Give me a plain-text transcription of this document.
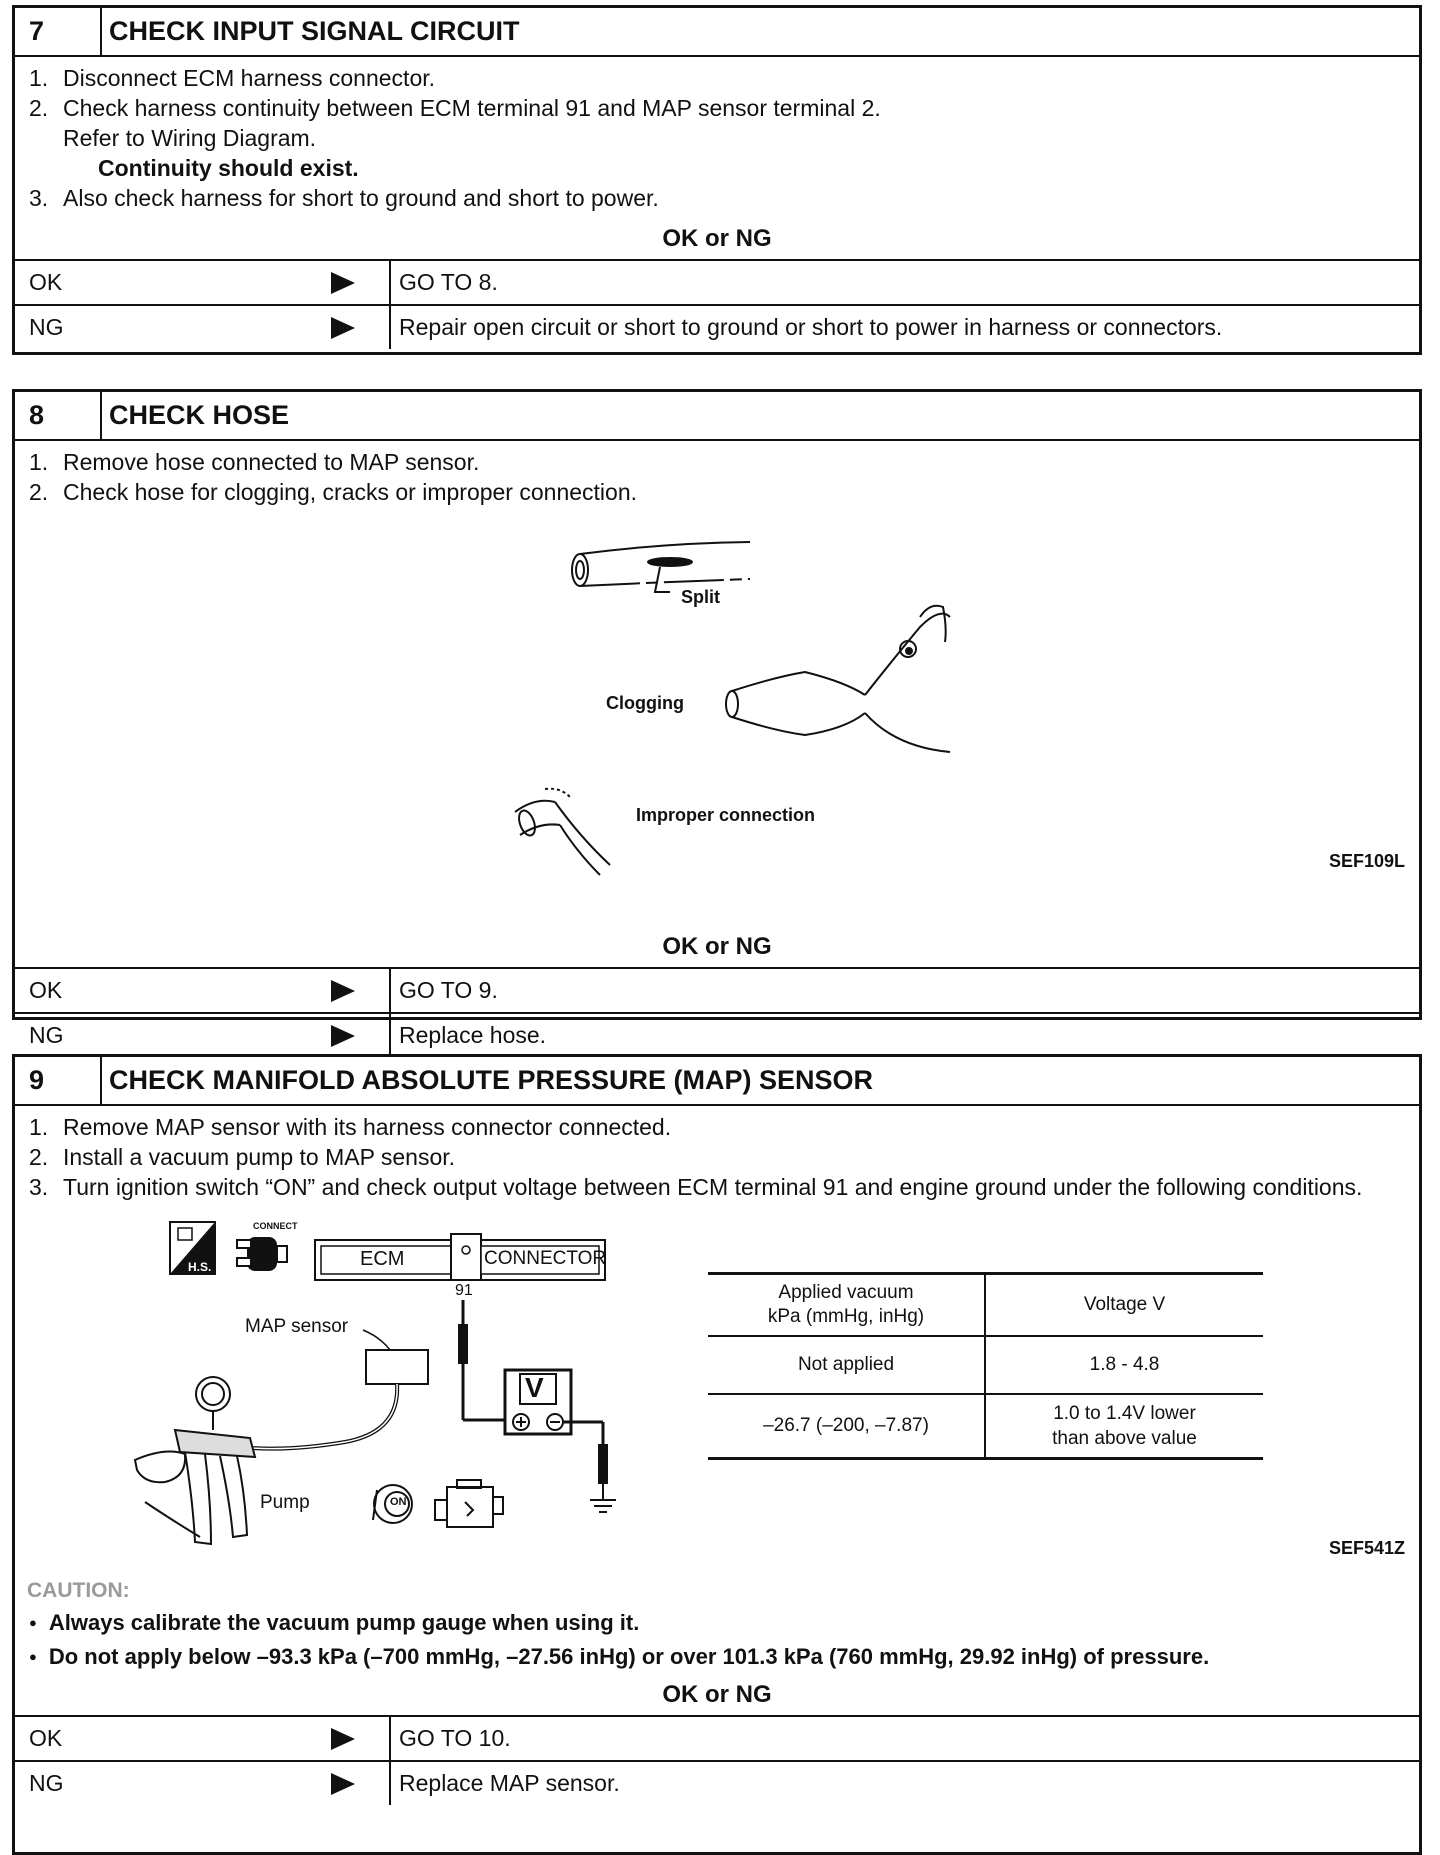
7	CHECK INPUT SIGNAL CIRCUIT
1. Disconnect ECM harness connector.
2. Check harness continuity between ECM terminal 91 and MAP sensor terminal 2.
Refer to Wiring Diagram.
Continuity should exist.
3. Also check harness for short to ground and short to power.
OK or NG
OK	GO TO 8.
NG	Repair open circuit or short to ground or short to power in harness or connectors.
8	CHECK HOSE
1. Remove hose connected to MAP sensor.
2. Check hose for clogging, cracks or improper connection.
Split
Clogging
Improper connection
SEF109L
OK or NG
OK	GO TO 9.
NG	Replace hose.
9	CHECK MANIFOLD ABSOLUTE PRESSURE (MAP) SENSOR
1. Remove MAP sensor with its harness connector connected.
2. Install a vacuum pump to MAP sensor.
3. Turn ignition switch “ON” and check output voltage between ECM terminal 91 and engine ground under the following conditions.
CONNECT
H.S.	ECM	CONNECTOR
91
MAP sensor
V
Pump	ON
Applied vacuum
kPa (mmHg, inHg)	Voltage V
Not applied	1.8 - 4.8
–26.7 (–200, –7.87)	1.0 to 1.4V lower
than above value
SEF541Z
CAUTION:
● Always calibrate the vacuum pump gauge when using it.
● Do not apply below –93.3 kPa (–700 mmHg, –27.56 inHg) or over 101.3 kPa (760 mmHg, 29.92 inHg) of pressure.
OK or NG
OK	GO TO 10.
NG	Replace MAP sensor.
